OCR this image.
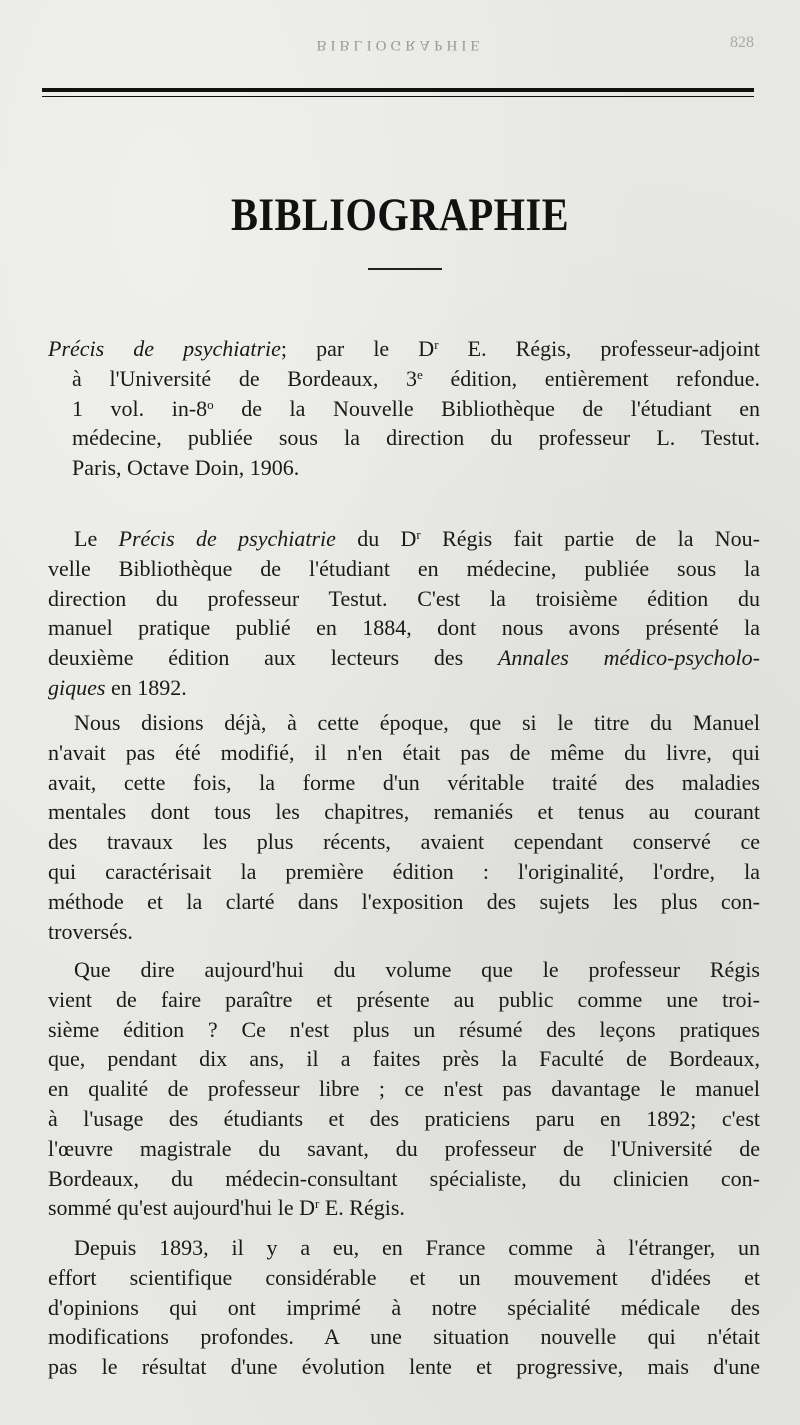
BIBLIOGRAPHIE	828
BIBLIOGRAPHIE
Précis de psychiatrie; par le $D^r$ E. Régis, professeur-adjoint
à l'Université de Bordeaux, 3e édition, entièrement refondue.
1 vol. in-8$^o$ de la Nouvelle Bibliothèque de l'étudiant en
médecine, publiée sous la direction du professeur L. Testut.
Paris, Octave Doin, 1906.
Le Précis de psychiatrie du $D^r$ Régis fait partie de la Nou-
velle Bibliothèque de l'étudiant en médecine, publiée sous la
direction du professeur Testut. C'est la troisième édition du
manuel pratique publié en 1884, dont nous avons présenté la
deuxième édition aux lecteurs des Annales médico-psycholo-
giques en 1892.
Nous disions déjà, à cette époque, que si le titre du Manuel
n'avait pas été modifié, il n'en était pas de même du livre, qui
avait, cette fois, la forme d'un véritable traité des maladies
mentales dont tous les chapitres, remaniés et tenus au courant
des travaux les plus récents, avaient cependant conservé ce
qui caractérisait la première édition : l'originalité, l'ordre, la
méthode et la clarté dans l'exposition des sujets les plus con-
troversés.
Que dire aujourd'hui du volume que le professeur Régis
vient de faire paraître et présente au public comme une troi-
sième édition ? Ce n'est plus un résumé des leçons pratiques
que, pendant dix ans, il a faites près la Faculté de Bordeaux,
en qualité de professeur libre ; ce n'est pas davantage le manuel
à l'usage des étudiants et des praticiens paru en 1892; c'est
l'œuvre magistrale du savant, du professeur de l'Université de
Bordeaux, du médecin-consultant spécialiste, du clinicien con-
sommé qu'est aujourd'hui le $D^r$ E. Régis.
Depuis 1893, il y a eu, en France comme à l'étranger, un
effort scientifique considérable et un mouvement d'idées et
d'opinions qui ont imprimé à notre spécialité médicale des
modifications profondes. A une situation nouvelle qui n'était
pas le résultat d'une évolution lente et progressive, mais d'une
